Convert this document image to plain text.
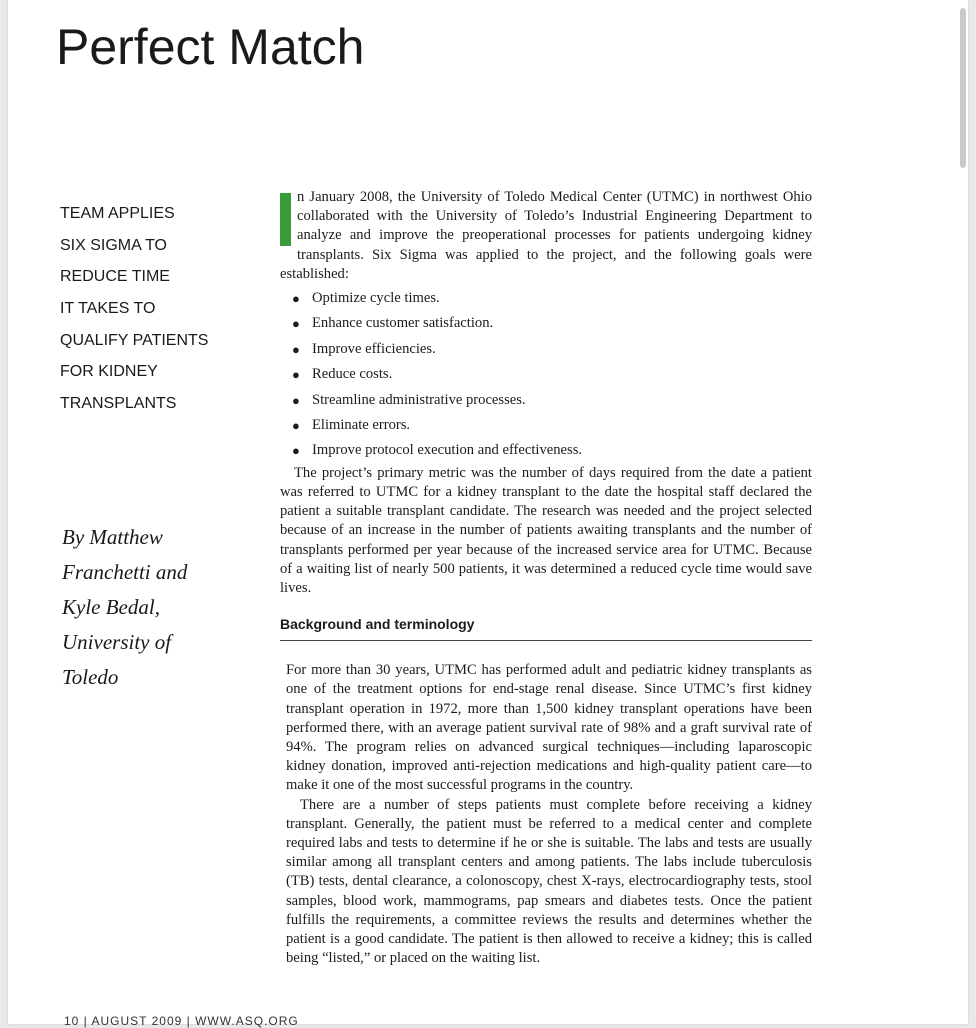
Perfect Match
TEAM APPLIES
SIX SIGMA TO
REDUCE TIME
IT TAKES TO
QUALIFY PATIENTS
FOR KIDNEY
TRANSPLANTS
By Matthew
Franchetti and
Kyle Bedal,
University of
Toledo

n January 2008, the University of Toledo Medical Center (UTMC) in northwest Ohio collaborated with the University of Toledo’s Industrial Engineering Department to analyze and improve the preoperational processes for patients undergoing kidney transplants. Six Sigma was applied to the project, and the following goals were established:

● Optimize cycle times.
● Enhance customer satisfaction.
● Improve efficiencies.
● Reduce costs.
● Streamline administrative processes.
● Eliminate errors.
● Improve protocol execution and effectiveness.

The project’s primary metric was the number of days required from the date a patient was referred to UTMC for a kidney transplant to the date the hospital staff declared the patient a suitable transplant candidate. The research was needed and the project selected because of an increase in the number of patients awaiting transplants and the number of transplants performed per year because of the increased service area for UTMC. Because of a waiting list of nearly 500 patients, it was determined a reduced cycle time would save lives.

Background and terminology

For more than 30 years, UTMC has performed adult and pediatric kidney transplants as one of the treatment options for end-stage renal disease. Since UTMC’s first kidney transplant operation in 1972, more than 1,500 kidney transplant operations have been performed there, with an average patient survival rate of 98% and a graft survival rate of 94%. The program relies on advanced surgical techniques—including laparoscopic kidney donation, improved anti-rejection medications and high-quality patient care—to make it one of the most successful programs in the country.

There are a number of steps patients must complete before receiving a kidney transplant. Generally, the patient must be referred to a medical center and complete required labs and tests to determine if he or she is suitable. The labs and tests are usually similar among all transplant centers and among patients. The labs include tuberculosis (TB) tests, dental clearance, a colonoscopy, chest X-rays, electrocardiography tests, stool samples, blood work, mammograms, pap smears and diabetes tests. Once the patient fulfills the requirements, a committee reviews the results and determines whether the patient is a good candidate. The patient is then allowed to receive a kidney; this is called being “listed,” or placed on the waiting list.

10 | AUGUST 2009 | WWW.ASQ.ORG
